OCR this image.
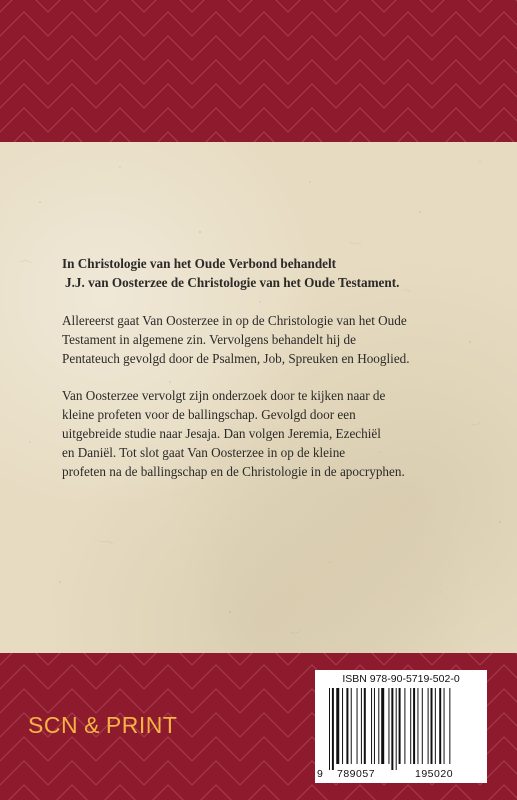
In Christologie van het Oude Verbond behandelt
J.J. van Oosterzee de Christologie van het Oude Testament.

Allereerst gaat Van Oosterzee in op de Christologie van het Oude
Testament in algemene zin. Vervolgens behandelt hij de
Pentateuch gevolgd door de Psalmen, Job, Spreuken en Hooglied.

Van Oosterzee vervolgt zijn onderzoek door te kijken naar de
kleine profeten voor de ballingschap. Gevolgd door een
uitgebreide studie naar Jesaja. Dan volgen Jeremia, Ezechiël
en Daniël. Tot slot gaat Van Oosterzee in op de kleine
profeten na de ballingschap en de Christologie in de apocryphen.

SCN & PRINT
ISBN 978-90-5719-502-0
9 789057	195020
